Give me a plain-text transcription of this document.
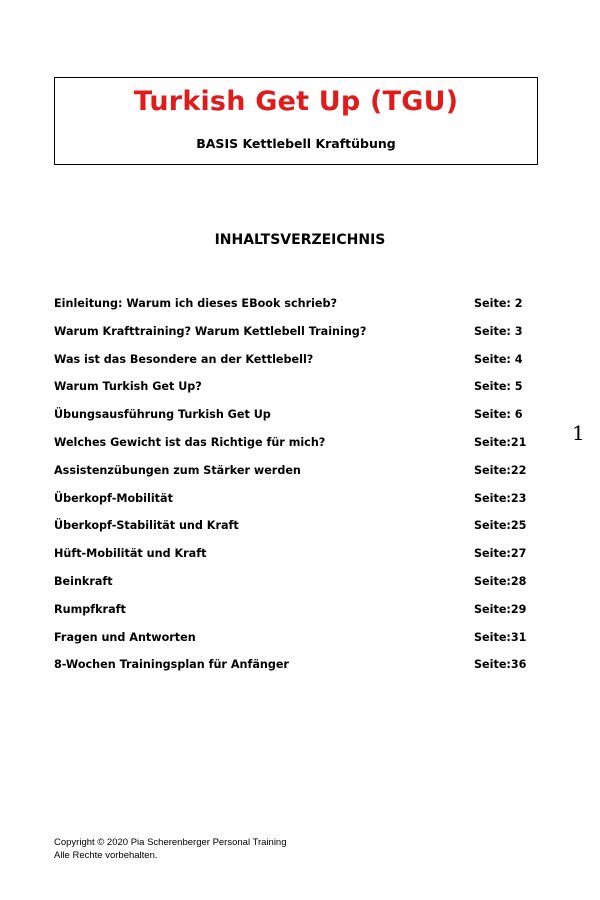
Turkish Get Up (TGU)
BASIS Kettlebell Kraftübung
INHALTSVERZEICHNIS
Einleitung: Warum ich dieses EBook schrieb?	Seite: 2
Warum Krafttraining? Warum Kettlebell Training?	Seite: 3
Was ist das Besondere an der Kettlebell?	Seite: 4
Warum Turkish Get Up?	Seite: 5
Übungsausführung Turkish Get Up	Seite: 6
Welches Gewicht ist das Richtige für mich?	Seite:21
Assistenzübungen zum Stärker werden	Seite:22
Überkopf-Mobilität	Seite:23
Überkopf-Stabilität und Kraft	Seite:25
Hüft-Mobilität und Kraft	Seite:27
Beinkraft	Seite:28
Rumpfkraft	Seite:29
Fragen und Antworten	Seite:31
8-Wochen Trainingsplan für Anfänger	Seite:36
1
Copyright © 2020 Pia Scherenberger Personal Training
Alle Rechte vorbehalten.
